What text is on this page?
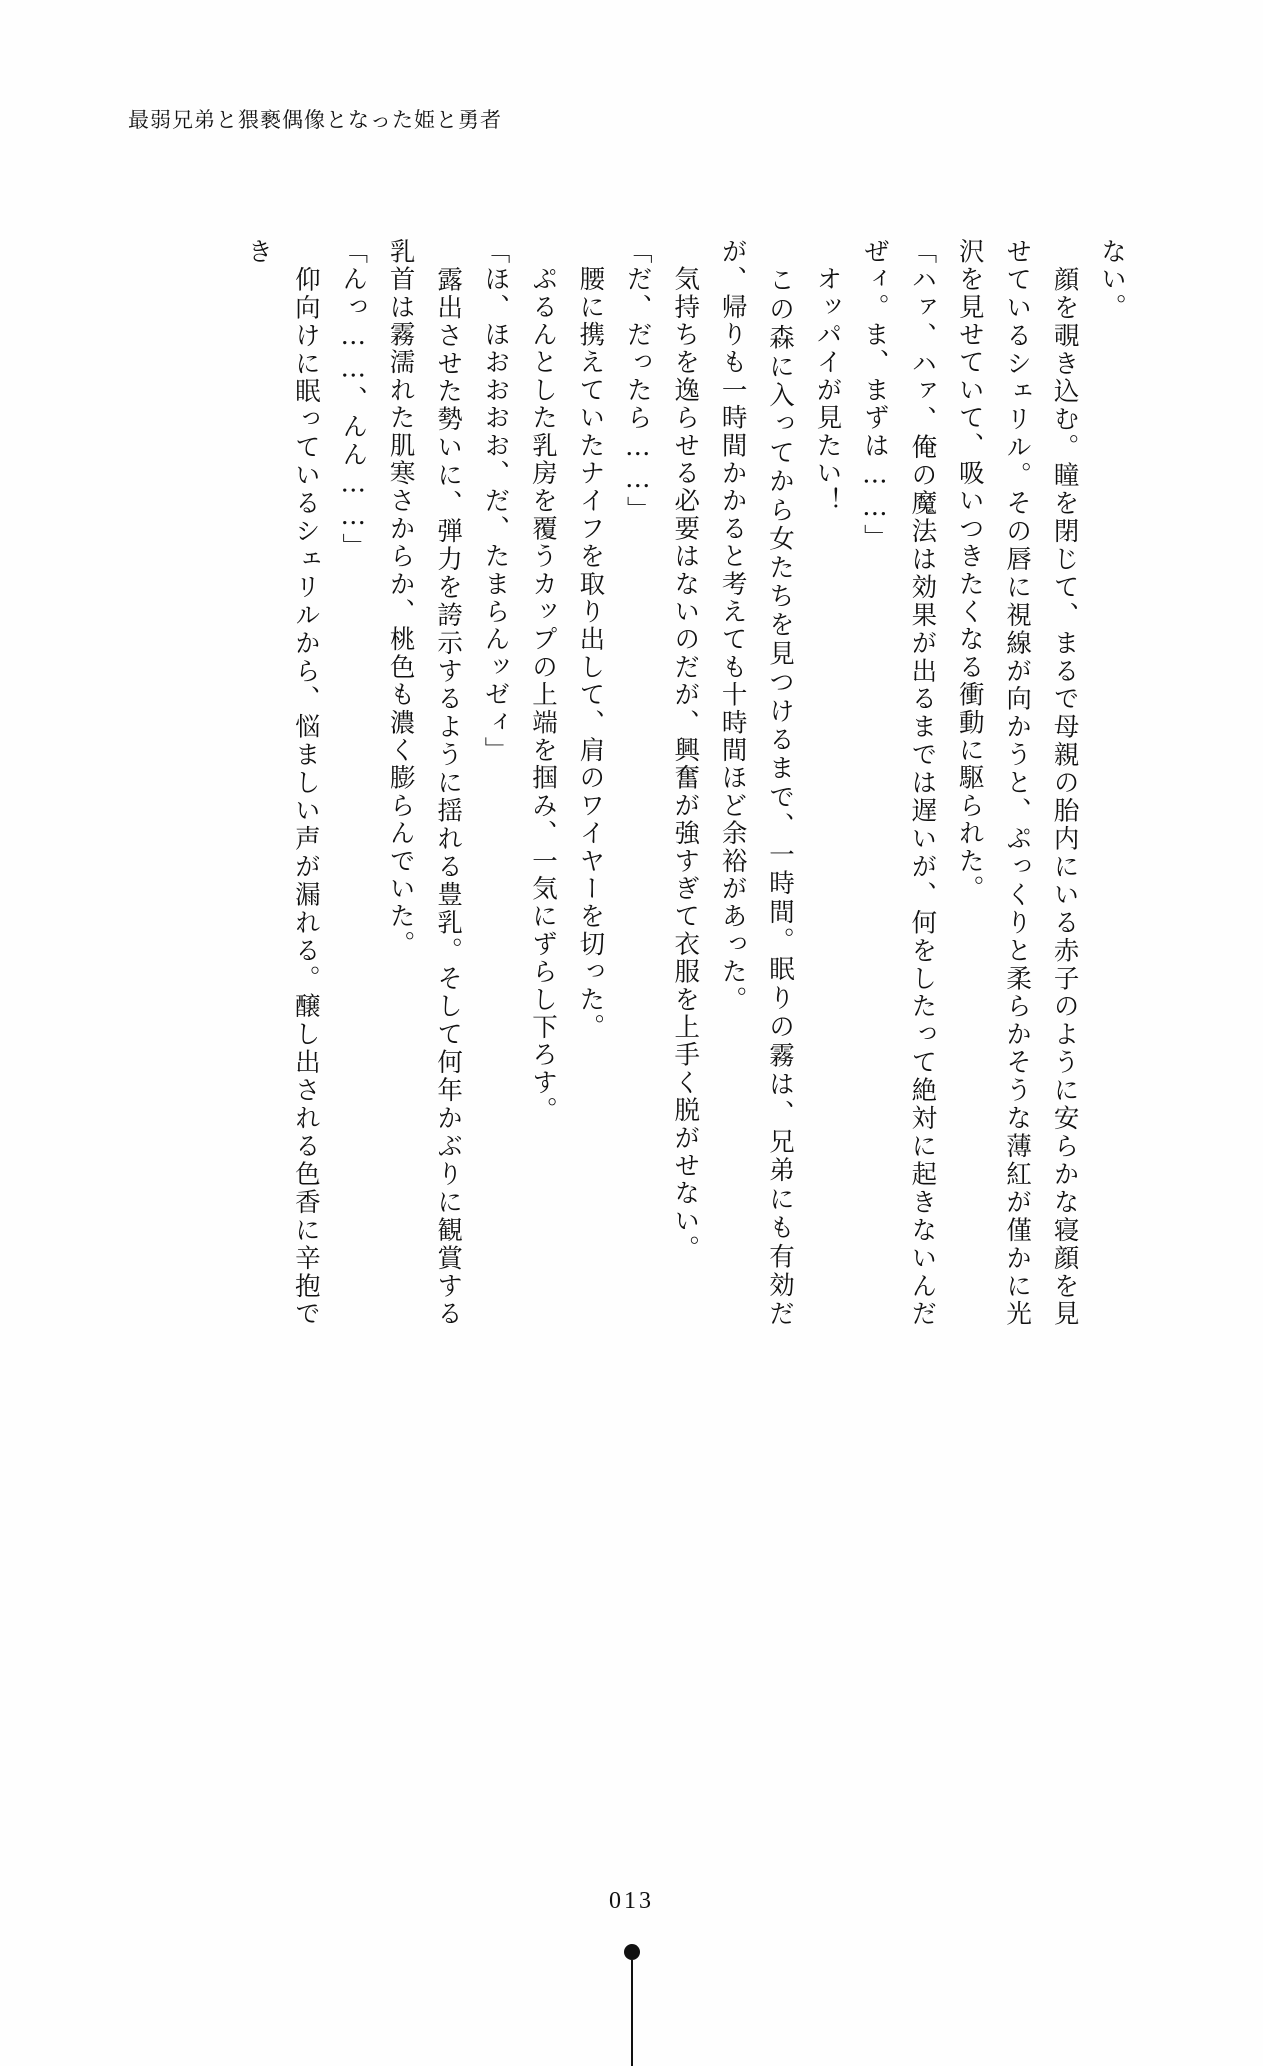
最弱兄弟と猥褻偶像となった姫と勇者

ない。

　顔を覗き込む。瞳を閉じて、まるで母親の胎内にいる赤子のように安らかな寝顔を見せているシェリル。その唇に視線が向かうと、ぷっくりと柔らかそうな薄紅が僅かに光沢を見せていて、吸いつきたくなる衝動に駆られた。

「ハァ、ハァ、俺の魔法は効果が出るまでは遅いが、何をしたって絶対に起きないんだぜィ。ま、まずは……」

　オッパイが見たい！

　この森に入ってから女たちを見つけるまで、一時間。眠りの霧は、兄弟にも有効だが、帰りも一時間かかると考えても十時間ほど余裕があった。

　気持ちを逸らせる必要はないのだが、興奮が強すぎて衣服を上手く脱がせない。

「だ、だったら……」

　腰に携えていたナイフを取り出して、肩のワイヤーを切った。

　ぷるんとした乳房を覆うカップの上端を掴み、一気にずらし下ろす。

「ほ、ほおおおお、だ、たまらんッゼィ」

　露出させた勢いに、弾力を誇示するように揺れる豊乳。そして何年かぶりに観賞する乳首は霧濡れた肌寒さからか、桃色も濃く膨らんでいた。

「んっ……、んん……」

　仰向けに眠っているシェリルから、悩ましい声が漏れる。醸し出される色香に辛抱でき

013
